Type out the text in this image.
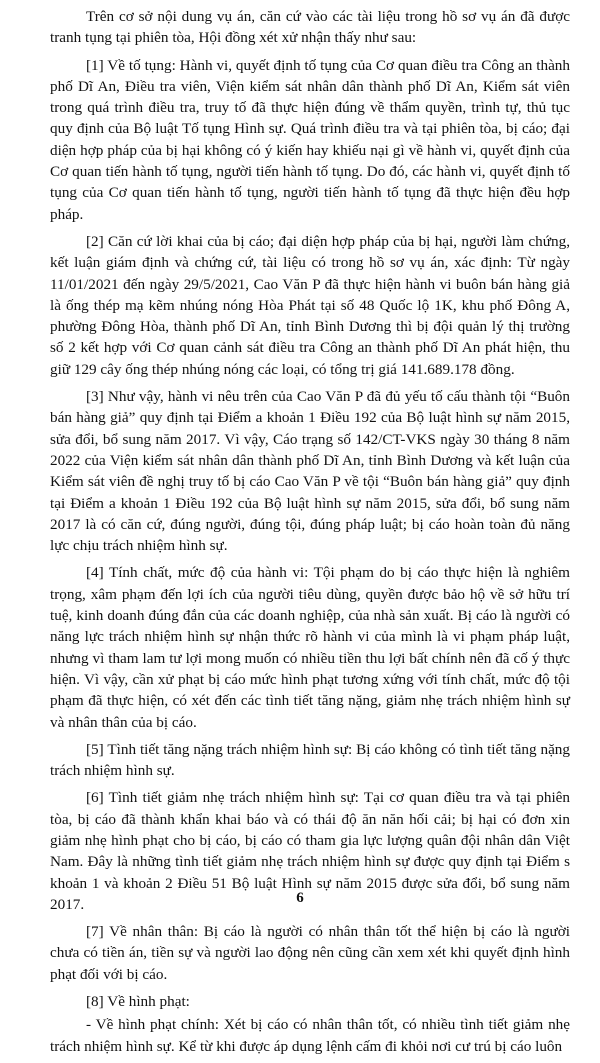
Trên cơ sở nội dung vụ án, căn cứ vào các tài liệu trong hồ sơ vụ án đã được tranh tụng tại phiên tòa, Hội đồng xét xử nhận thấy như sau:

[1] Về tố tụng: Hành vi, quyết định tố tụng của Cơ quan điều tra Công an thành phố Dĩ An, Điều tra viên, Viện kiểm sát nhân dân thành phố Dĩ An, Kiểm sát viên trong quá trình điều tra, truy tố đã thực hiện đúng về thẩm quyền, trình tự, thủ tục quy định của Bộ luật Tố tụng Hình sự. Quá trình điều tra và tại phiên tòa, bị cáo; đại diện hợp pháp của bị hại không có ý kiến hay khiếu nại gì về hành vi, quyết định của Cơ quan tiến hành tố tụng, người tiến hành tố tụng. Do đó, các hành vi, quyết định tố tụng của Cơ quan tiến hành tố tụng, người tiến hành tố tụng đã thực hiện đều hợp pháp.

[2] Căn cứ lời khai của bị cáo; đại diện hợp pháp của bị hại, người làm chứng, kết luận giám định và chứng cứ, tài liệu có trong hồ sơ vụ án, xác định: Từ ngày 11/01/2021 đến ngày 29/5/2021, Cao Văn P đã thực hiện hành vi buôn bán hàng giả là ống thép mạ kẽm nhúng nóng Hòa Phát tại số 48 Quốc lộ 1K, khu phố Đông A, phường Đông Hòa, thành phố Dĩ An, tỉnh Bình Dương thì bị đội quản lý thị trường số 2 kết hợp với Cơ quan cảnh sát điều tra Công an thành phố Dĩ An phát hiện, thu giữ 129 cây ống thép nhúng nóng các loại, có tổng trị giá 141.689.178 đồng.

[3] Như vậy, hành vi nêu trên của Cao Văn P đã đủ yếu tố cấu thành tội “Buôn bán hàng giả” quy định tại Điểm a khoản 1 Điều 192 của Bộ luật hình sự năm 2015, sửa đổi, bổ sung năm 2017. Vì vậy, Cáo trạng số 142/CT-VKS ngày 30 tháng 8 năm 2022 của Viện kiểm sát nhân dân thành phố Dĩ An, tỉnh Bình Dương và kết luận của Kiểm sát viên đề nghị truy tố bị cáo Cao Văn P về tội “Buôn bán hàng giả” quy định tại Điểm a khoản 1 Điều 192 của Bộ luật hình sự năm 2015, sửa đổi, bổ sung năm 2017 là có căn cứ, đúng người, đúng tội, đúng pháp luật; bị cáo hoàn toàn đủ năng lực chịu trách nhiệm hình sự.

[4] Tính chất, mức độ của hành vi: Tội phạm do bị cáo thực hiện là nghiêm trọng, xâm phạm đến lợi ích của người tiêu dùng, quyền được bảo hộ về sở hữu trí tuệ, kinh doanh đúng đắn của các doanh nghiệp, của nhà sản xuất. Bị cáo là người có năng lực trách nhiệm hình sự nhận thức rõ hành vi của mình là vi phạm pháp luật, nhưng vì tham lam tư lợi mong muốn có nhiều tiền thu lợi bất chính nên đã cố ý thực hiện. Vì vậy, cần xử phạt bị cáo mức hình phạt tương xứng với tính chất, mức độ tội phạm đã thực hiện, có xét đến các tình tiết tăng nặng, giảm nhẹ trách nhiệm hình sự và nhân thân của bị cáo.

[5] Tình tiết tăng nặng trách nhiệm hình sự: Bị cáo không có tình tiết tăng nặng trách nhiệm hình sự.

[6] Tình tiết giảm nhẹ trách nhiệm hình sự: Tại cơ quan điều tra và tại phiên tòa, bị cáo đã thành khẩn khai báo và có thái độ ăn năn hối cải; bị hại có đơn xin giảm nhẹ hình phạt cho bị cáo, bị cáo có tham gia lực lượng quân đội nhân dân Việt Nam. Đây là những tình tiết giảm nhẹ trách nhiệm hình sự được quy định tại Điểm s khoản 1 và khoản 2 Điều 51 Bộ luật Hình sự năm 2015 được sửa đổi, bổ sung năm 2017.

[7] Về nhân thân: Bị cáo là người có nhân thân tốt thể hiện bị cáo là người chưa có tiền án, tiền sự và người lao động nên cũng cần xem xét khi quyết định hình phạt đối với bị cáo.

[8] Về hình phạt:

- Về hình phạt chính: Xét bị cáo có nhân thân tốt, có nhiều tình tiết giảm nhẹ trách nhiệm hình sự. Kể từ khi được áp dụng lệnh cấm đi khỏi nơi cư trú bị cáo luôn

6
